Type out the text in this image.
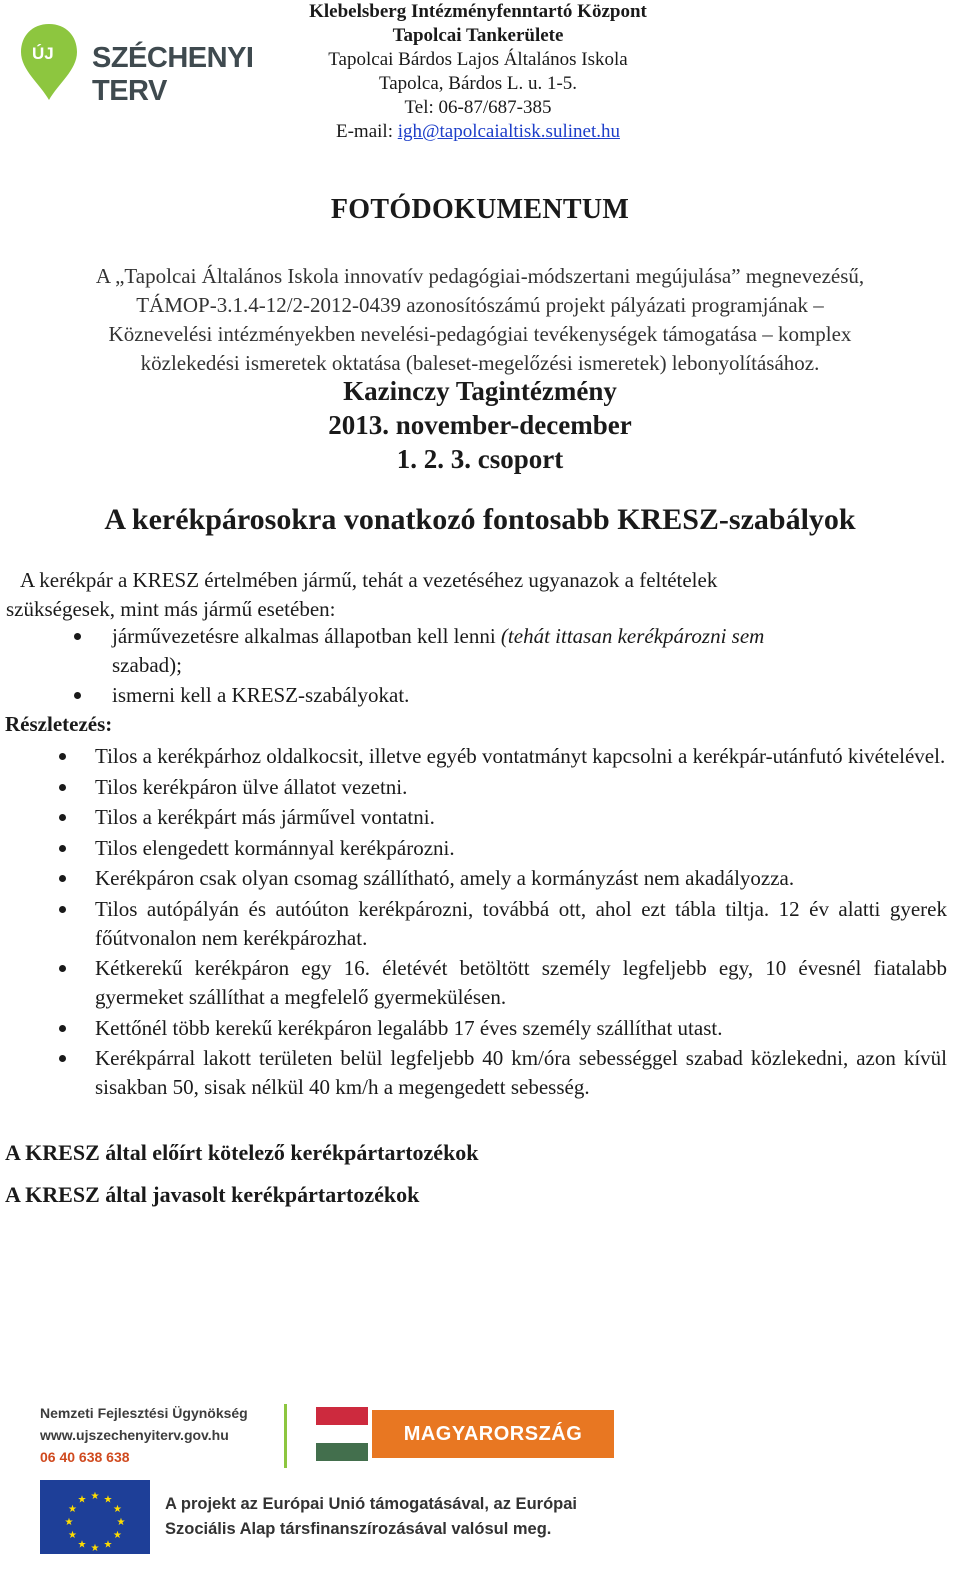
ÚJ SZÉCHENYI TERV
Klebelsberg Intézményfenntartó Központ
Tapolcai Tankerülete
Tapolcai Bárdos Lajos Általános Iskola
Tapolca, Bárdos L. u. 1-5.
Tel: 06-87/687-385
E-mail: igh@tapolcaialtisk.sulinet.hu
FOTÓDOKUMENTUM
A „Tapolcai Általános Iskola innovatív pedagógiai-módszertani megújulása” megnevezésű,
TÁMOP-3.1.4-12/2-2012-0439 azonosítószámú projekt pályázati programjának –
Köznevelési intézményekben nevelési-pedagógiai tevékenységek támogatása – komplex
közlekedési ismeretek oktatása (baleset-megelőzési ismeretek) lebonyolításához.
Kazinczy Tagintézmény
2013. november-december
1. 2. 3. csoport
A kerékpárosokra vonatkozó fontosabb KRESZ-szabályok
A kerékpár a KRESZ értelmében jármű, tehát a vezetéséhez ugyanazok a feltételek
szükségesek, mint más jármű esetében:
járművezetésre alkalmas állapotban kell lenni (tehát ittasan kerékpározni sem
szabad);
ismerni kell a KRESZ-szabályokat.
Részletezés:
Tilos a kerékpárhoz oldalkocsit, illetve egyéb vontatmányt kapcsolni a kerékpár-utánfutó kivételével.
Tilos kerékpáron ülve állatot vezetni.
Tilos a kerékpárt más járművel vontatni.
Tilos elengedett kormánnyal kerékpározni.
Kerékpáron csak olyan csomag szállítható, amely a kormányzást nem akadályozza.
Tilos autópályán és autóúton kerékpározni, továbbá ott, ahol ezt tábla tiltja. 12 év alatti gyerek főútvonalon nem kerékpározhat.
Kétkerekű kerékpáron egy 16. életévét betöltött személy legfeljebb egy, 10 évesnél fiatalabb gyermeket szállíthat a megfelelő gyermekülésen.
Kettőnél több kerekű kerékpáron legalább 17 éves személy szállíthat utast.
Kerékpárral lakott területen belül legfeljebb 40 km/óra sebességgel szabad közlekedni, azon kívül sisakban 50, sisak nélkül 40 km/h a megengedett sebesség.
A KRESZ által előírt kötelező kerékpártartozékok
A KRESZ által javasolt kerékpártartozékok
Nemzeti Fejlesztési Ügynökség
www.ujszechenyiterv.gov.hu
06 40 638 638
MAGYARORSZÁG MEGÚJUL
★ ★
★
★
★
★
★
★
★
★
★
★	A projekt az Európai Unió támogatásával, az Európai
Szociális Alap társfinanszírozásával valósul meg.
